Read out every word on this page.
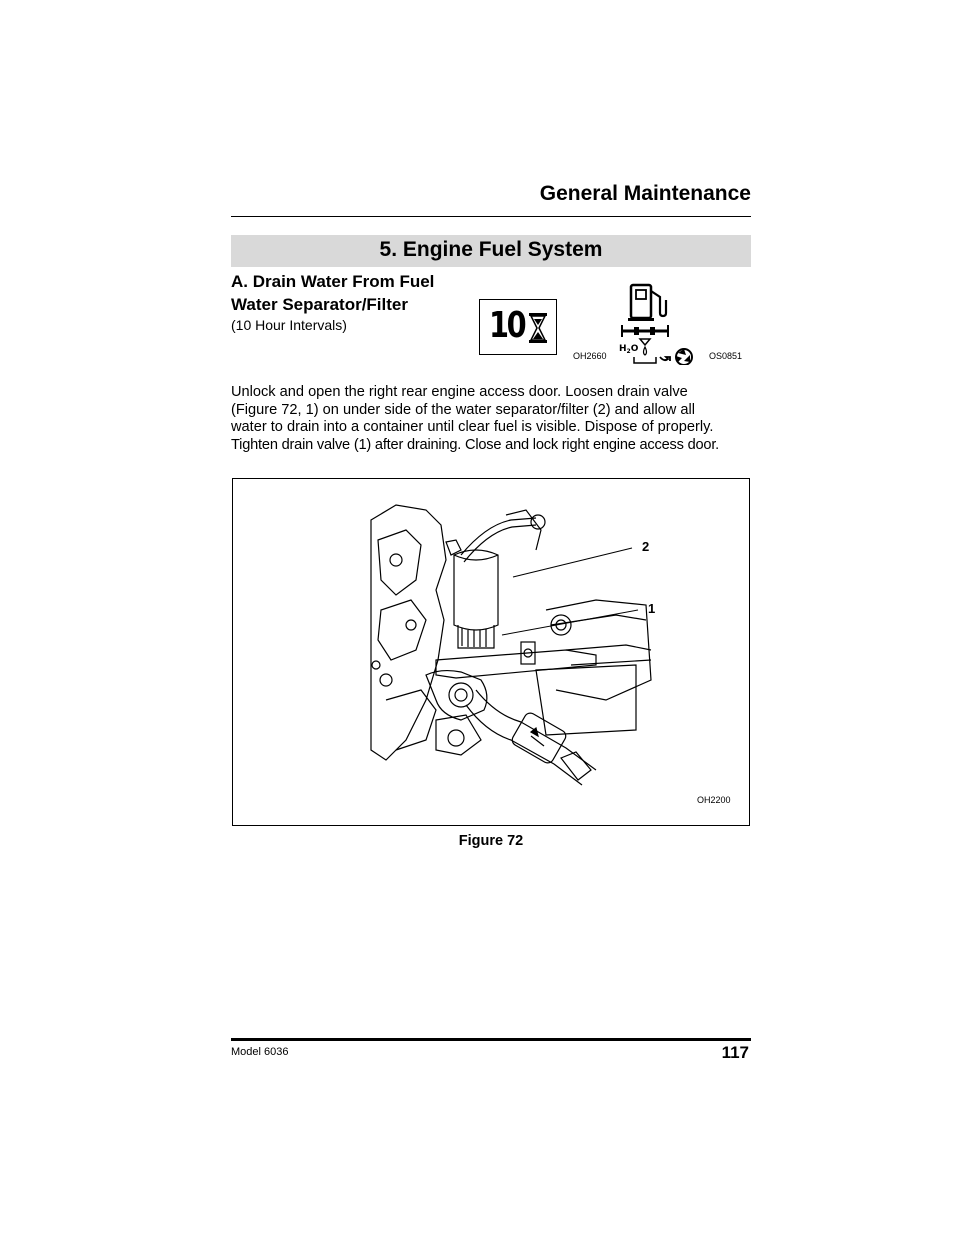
General Maintenance
5. Engine Fuel System
A. Drain Water From Fuel
Water Separator/Filter
(10 Hour Intervals)	10
$H_2O$
OH2660	OS0851
Unlock and open the right rear engine access door. Loosen drain valve
(Figure 72, 1) on under side of the water separator/filter (2) and allow all
water to drain into a container until clear fuel is visible. Dispose of properly.
Tighten drain valve (1) after draining. Close and lock right engine access door.
2
1
OH2200
Figure 72
Model 6036	117
